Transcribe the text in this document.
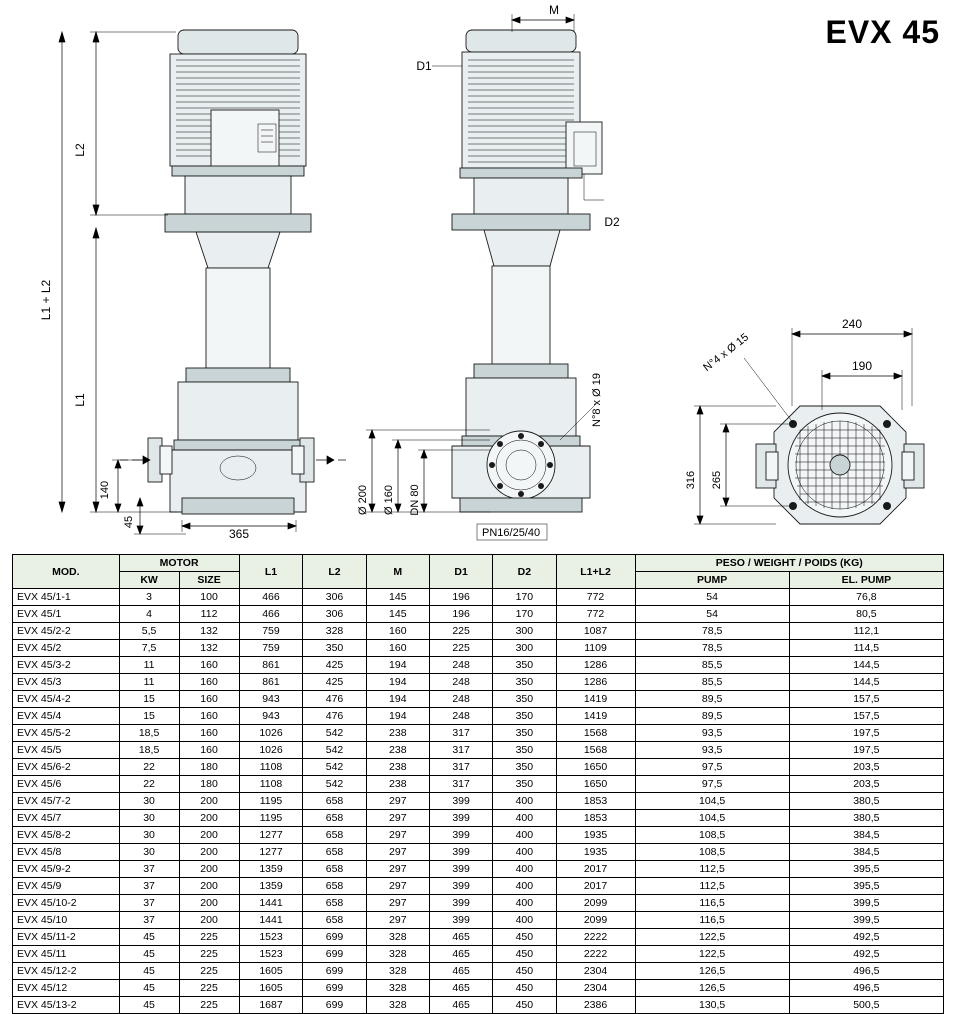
EVX 45
L2
L1
L1 + L2
140
45
365
M
D1
D2
N°8 x Ø 19
Ø 200 Ø 160 DN 80
PN16/25/40
240
190
316 265
N°4 x Ø 15
MOD.	MOTOR		L1	L2	M	D1	D2	L1+L2	PESO / WEIGHT / POIDS (KG)	
	KW	SIZE							PUMP	EL. PUMP
EVX 45/1-1	3	100	466	306	145	196	170	772	54	76,8
EVX 45/1	4	112	466	306	145	196	170	772	54	80,5
EVX 45/2-2	5,5	132	759	328	160	225	300	1087	78,5	112,1
EVX 45/2	7,5	132	759	350	160	225	300	1109	78,5	114,5
EVX 45/3-2	11	160	861	425	194	248	350	1286	85,5	144,5
EVX 45/3	11	160	861	425	194	248	350	1286	85,5	144,5
EVX 45/4-2	15	160	943	476	194	248	350	1419	89,5	157,5
EVX 45/4	15	160	943	476	194	248	350	1419	89,5	157,5
EVX 45/5-2	18,5	160	1026	542	238	317	350	1568	93,5	197,5
EVX 45/5	18,5	160	1026	542	238	317	350	1568	93,5	197,5
EVX 45/6-2	22	180	1108	542	238	317	350	1650	97,5	203,5
EVX 45/6	22	180	1108	542	238	317	350	1650	97,5	203,5
EVX 45/7-2	30	200	1195	658	297	399	400	1853	104,5	380,5
EVX 45/7	30	200	1195	658	297	399	400	1853	104,5	380,5
EVX 45/8-2	30	200	1277	658	297	399	400	1935	108,5	384,5
EVX 45/8	30	200	1277	658	297	399	400	1935	108,5	384,5
EVX 45/9-2	37	200	1359	658	297	399	400	2017	112,5	395,5
EVX 45/9	37	200	1359	658	297	399	400	2017	112,5	395,5
EVX 45/10-2	37	200	1441	658	297	399	400	2099	116,5	399,5
EVX 45/10	37	200	1441	658	297	399	400	2099	116,5	399,5
EVX 45/11-2	45	225	1523	699	328	465	450	2222	122,5	492,5
EVX 45/11	45	225	1523	699	328	465	450	2222	122,5	492,5
EVX 45/12-2	45	225	1605	699	328	465	450	2304	126,5	496,5
EVX 45/12	45	225	1605	699	328	465	450	2304	126,5	496,5
EVX 45/13-2	45	225	1687	699	328	465	450	2386	130,5	500,5
